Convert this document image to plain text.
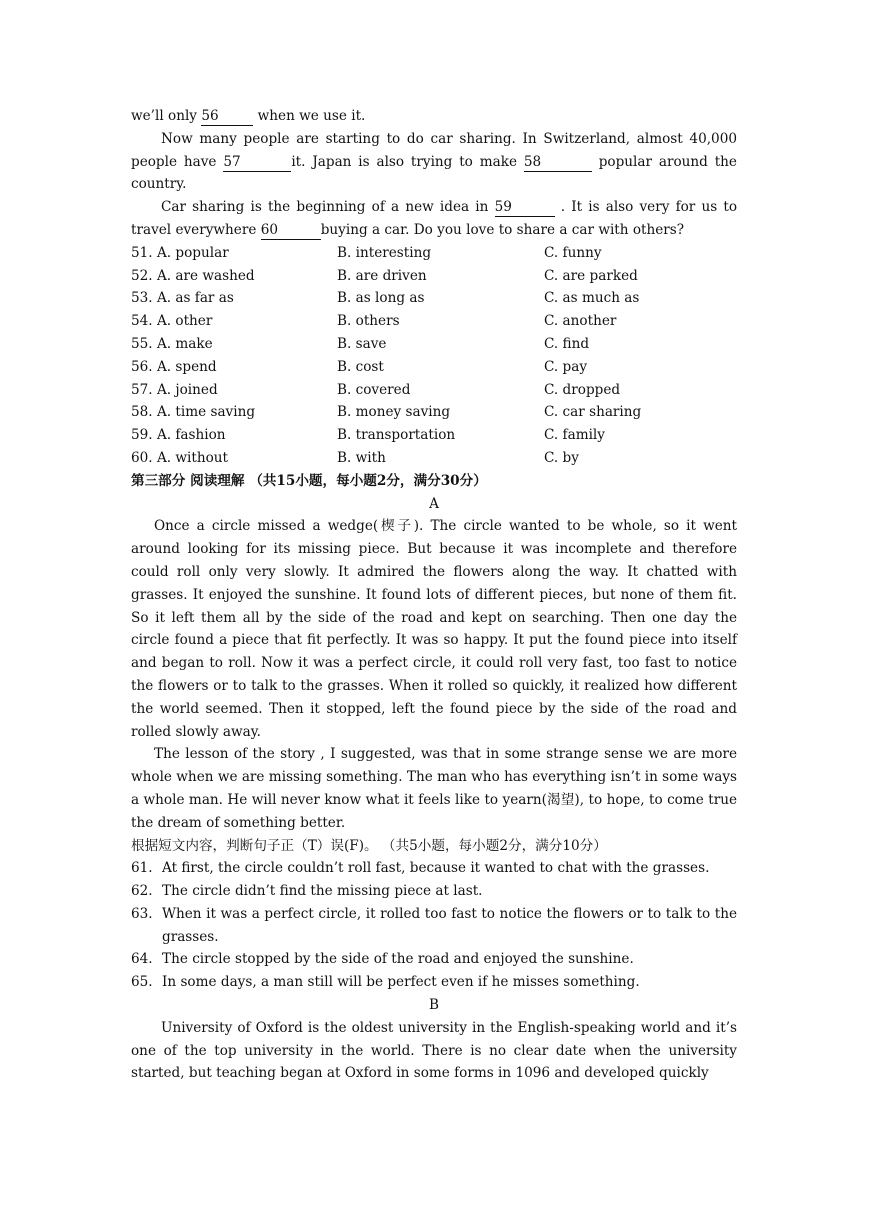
we’ll only 56	when we use it.

Now many people are starting to do car sharing. In Switzerland, almost 40,000 people have 57	it. Japan is also trying to make 58	popular around the country.

Car sharing is the beginning of a new idea in 59	. It is also very for us to travel everywhere 60	buying a car. Do you love to share a car with others?

51. A. popular	B. interesting	C. funny
52. A. are washed	B. are driven	C. are parked
53. A. as far as	B. as long as	C. as much as
54. A. other	B. others	C. another
55. A. make	B. save	C. find
56. A. spend	B. cost	C. pay
57. A. joined	B. covered	C. dropped
58. A. time saving	B. money saving	C. car sharing
59. A. fashion	B. transportation	C. family
60. A. without	B. with	C. by

第三部分 阅读理解 （共15小题，每小题2分，满分30分）

A

Once a circle missed a wedge(楔子). The circle wanted to be whole, so it went around looking for its missing piece. But because it was incomplete and therefore could roll only very slowly. It admired the flowers along the way. It chatted with grasses. It enjoyed the sunshine. It found lots of different pieces, but none of them fit. So it left them all by the side of the road and kept on searching. Then one day the circle found a piece that fit perfectly. It was so happy. It put the found piece into itself and began to roll. Now it was a perfect circle, it could roll very fast, too fast to notice the flowers or to talk to the grasses. When it rolled so quickly, it realized how different the world seemed. Then it stopped, left the found piece by the side of the road and rolled slowly away.

The lesson of the story , I suggested, was that in some strange sense we are more whole when we are missing something. The man who has everything isn’t in some ways a whole man. He will never know what it feels like to yearn(渴望), to hope, to come true the dream of something better.

根据短文内容，判断句子正（T）误(F)。 （共5小题，每小题2分，满分10分）

61. At first, the circle couldn’t roll fast, because it wanted to chat with the grasses.
62. The circle didn’t find the missing piece at last.
63. When it was a perfect circle, it rolled too fast to notice the flowers or to talk to the grasses.
64. The circle stopped by the side of the road and enjoyed the sunshine.
65. In some days, a man still will be perfect even if he misses something.

B

University of Oxford is the oldest university in the English-speaking world and it’s one of the top university in the world. There is no clear date when the university started, but teaching began at Oxford in some forms in 1096 and developed quickly
